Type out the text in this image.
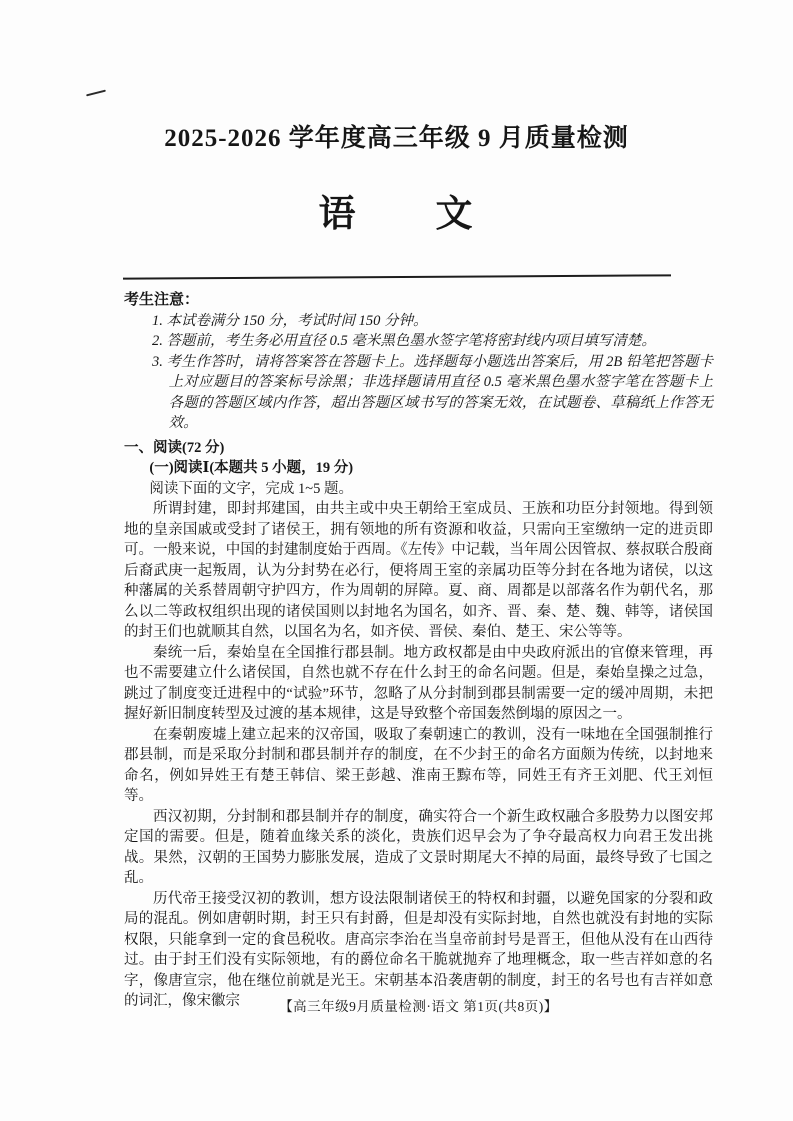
2025-2026 学年度高三年级 9 月质量检测
语　　文
考生注意：
1. 本试卷满分 150 分，考试时间 150 分钟。
2. 答题前，考生务必用直径 0.5 毫米黑色墨水签字笔将密封线内项目填写清楚。
3. 考生作答时，请将答案答在答题卡上。选择题每小题选出答案后，用 2B 铅笔把答题卡上对应题目的答案标号涂黑；非选择题请用直径 0.5 毫米黑色墨水签字笔在答题卡上各题的答题区域内作答，超出答题区域书写的答案无效，在试题卷、草稿纸上作答无效。
一、阅读(72 分)
(一)阅读Ⅰ(本题共 5 小题，19 分)
阅读下面的文字，完成 1~5 题。

所谓封建，即封邦建国，由共主或中央王朝给王室成员、王族和功臣分封领地。得到领地的皇亲国戚或受封了诸侯王，拥有领地的所有资源和收益，只需向王室缴纳一定的进贡即可。一般来说，中国的封建制度始于西周。《左传》中记载，当年周公因管叔、蔡叔联合殷商后裔武庚一起叛周，认为分封势在必行，便将周王室的亲属功臣等分封在各地为诸侯，以这种藩属的关系替周朝守护四方，作为周朝的屏障。夏、商、周都是以部落名作为朝代名，那么以二等政权组织出现的诸侯国则以封地名为国名，如齐、晋、秦、楚、魏、韩等，诸侯国的封王们也就顺其自然，以国名为名，如齐侯、晋侯、秦伯、楚王、宋公等等。

秦统一后，秦始皇在全国推行郡县制。地方政权都是由中央政府派出的官僚来管理，再也不需要建立什么诸侯国，自然也就不存在什么封王的命名问题。但是，秦始皇操之过急，跳过了制度变迁进程中的“试验”环节，忽略了从分封制到郡县制需要一定的缓冲周期，未把握好新旧制度转型及过渡的基本规律，这是导致整个帝国轰然倒塌的原因之一。

在秦朝废墟上建立起来的汉帝国，吸取了秦朝速亡的教训，没有一味地在全国强制推行郡县制，而是采取分封制和郡县制并存的制度，在不少封王的命名方面颇为传统，以封地来命名，例如异姓王有楚王韩信、梁王彭越、淮南王黥布等，同姓王有齐王刘肥、代王刘恒等。

西汉初期，分封制和郡县制并存的制度，确实符合一个新生政权融合多股势力以图安邦定国的需要。但是，随着血缘关系的淡化，贵族们迟早会为了争夺最高权力向君王发出挑战。果然，汉朝的王国势力膨胀发展，造成了文景时期尾大不掉的局面，最终导致了七国之乱。

历代帝王接受汉初的教训，想方设法限制诸侯王的特权和封疆，以避免国家的分裂和政局的混乱。例如唐朝时期，封王只有封爵，但是却没有实际封地，自然也就没有封地的实际权限，只能拿到一定的食邑税收。唐高宗李治在当皇帝前封号是晋王，但他从没有在山西待过。由于封王们没有实际领地，有的爵位命名干脆就抛弃了地理概念，取一些吉祥如意的名字，像唐宣宗，他在继位前就是光王。宋朝基本沿袭唐朝的制度，封王的名号也有吉祥如意的词汇，像宋徽宗	【高三年级9月质量检测·语文 第1页(共8页)】
